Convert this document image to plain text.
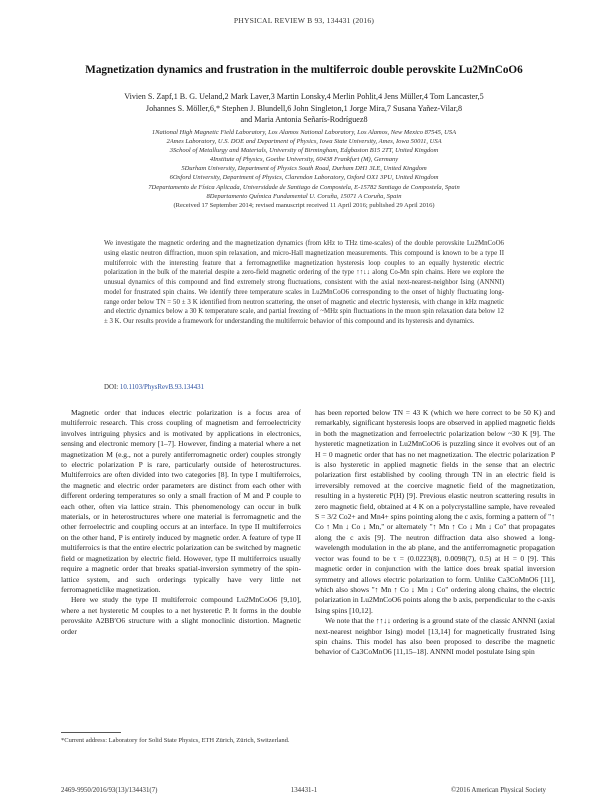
PHYSICAL REVIEW B 93, 134431 (2016)
Magnetization dynamics and frustration in the multiferroic double perovskite Lu2MnCoO6
Vivien S. Zapf,1 B. G. Ueland,2 Mark Laver,3 Martin Lonsky,4 Merlin Pohlit,4 Jens Müller,4 Tom Lancaster,5
Johannes S. Möller,6,* Stephen J. Blundell,6 John Singleton,1 Jorge Mira,7 Susana Yañez-Vilar,8
and Maria Antonia Señarís-Rodríguez8
1National High Magnetic Field Laboratory, Los Alamos National Laboratory, Los Alamos, New Mexico 87545, USA
2Ames Laboratory, U.S. DOE and Department of Physics, Iowa State University, Ames, Iowa 50011, USA
3School of Metallurgy and Materials, University of Birmingham, Edgbaston B15 2TT, United Kingdom
4Institute of Physics, Goethe University, 60438 Frankfurt (M), Germany
5Durham University, Department of Physics South Road, Durham DH1 3LE, United Kingdom
6Oxford University, Department of Physics, Clarendon Laboratory, Oxford OX1 3PU, United Kingdom
7Departamento de Física Aplicada, Universidade de Santiago de Compostela, E-15782 Santiago de Compostela, Spain
8Departamento Química Fundamental U. Coruña, 15071 A Coruña, Spain
(Received 17 September 2014; revised manuscript received 11 April 2016; published 29 April 2016)
We investigate the magnetic ordering and the magnetization dynamics (from kHz to THz time-scales) of the double perovskite Lu2MnCoO6 using elastic neutron diffraction, muon spin relaxation, and micro-Hall magnetization measurements. This compound is known to be a type II multiferroic with the interesting feature that a ferromagnetlike magnetization hysteresis loop couples to an equally hysteretic electric polarization in the bulk of the material despite a zero-field magnetic ordering of the type ↑↑↓↓ along Co-Mn spin chains. Here we explore the unusual dynamics of this compound and find extremely strong fluctuations, consistent with the axial next-nearest-neighbor Ising (ANNNI) model for frustrated spin chains. We identify three temperature scales in Lu2MnCoO6 corresponding to the onset of highly fluctuating long-range order below TN = 50 ± 3 K identified from neutron scattering, the onset of magnetic and electric hysteresis, with change in kHz magnetic and electric dynamics below a 30 K temperature scale, and partial freezing of ~MHz spin fluctuations in the muon spin relaxation data below 12 ± 3 K. Our results provide a framework for understanding the multiferroic behavior of this compound and its hysteresis and dynamics.
DOI: 10.1103/PhysRevB.93.134431

Magnetic order that induces electric polarization is a focus area of multiferroic research. This cross coupling of magnetism and ferroelectricity involves intriguing physics and is motivated by applications in electronics, sensing and electronic memory [1–7]. However, finding a material where a net magnetization M (e.g., not a purely antiferromagnetic order) couples strongly to electric polarization P is rare, particularly outside of heterostructures. Multiferroics are often divided into two categories [8]. In type I multiferroics, the magnetic and electric order parameters are distinct from each other with different ordering temperatures so only a small fraction of M and P couple to each other, often via lattice strain. This phenomenology can occur in bulk materials, or in heterostructures where one material is ferromagnetic and the other ferroelectric and coupling occurs at an interface. In type II multiferroics on the other hand, P is entirely induced by magnetic order. A feature of type II multiferroics is that the entire electric polarization can be switched by magnetic field or magnetization by electric field. However, type II multiferroics usually require a magnetic order that breaks spatial-inversion symmetry of the spin-lattice system, and such orderings typically have very little net ferromagneticlike magnetization.

Here we study the type II multiferroic compound Lu2MnCoO6 [9,10], where a net hysteretic M couples to a net hysteretic P. It forms in the double perovskite A2BB′O6 structure with a slight monoclinic distortion. Magnetic order

has been reported below TN = 43 K (which we here correct to be 50 K) and remarkably, significant hysteresis loops are observed in applied magnetic fields in both the magnetization and ferroelectric polarization below ~30 K [9]. The hysteretic magnetization in Lu2MnCoO6 is puzzling since it evolves out of an H = 0 magnetic order that has no net magnetization. The electric polarization P is also hysteretic in applied magnetic fields in the sense that an electric polarization first established by cooling through TN in an electric field is irreversibly removed at the coercive magnetic field of the magnetization, resulting in a hysteretic P(H) [9]. Previous elastic neutron scattering results in zero magnetic field, obtained at 4 K on a polycrystalline sample, have revealed S = 3/2 Co2+ and Mn4+ spins pointing along the c axis, forming a pattern of "↑ Co ↑ Mn ↓ Co ↓ Mn," or alternately "↑ Mn ↑ Co ↓ Mn ↓ Co" that propagates along the c axis [9]. The neutron diffraction data also showed a long-wavelength modulation in the ab plane, and the antiferromagnetic propagation vector was found to be τ = (0.0223(8), 0.0098(7), 0.5) at H = 0 [9]. This magnetic order in conjunction with the lattice does break spatial inversion symmetry and allows electric polarization to form. Unlike Ca3CoMnO6 [11], which also shows "↑ Mn ↑ Co ↓ Mn ↓ Co" ordering along chains, the electric polarization in Lu2MnCoO6 points along the b axis, perpendicular to the c-axis Ising spins [10,12].

We note that the ↑↑↓↓ ordering is a ground state of the classic ANNNI (axial next-nearest neighbor Ising) model [13,14] for magnetically frustrated Ising spin chains. This model has also been proposed to describe the magnetic behavior of Ca3CoMnO6 [11,15–18]. ANNNI model postulate Ising spin

*Current address: Laboratory for Solid State Physics, ETH Zürich, Zürich, Switzerland.
2469-9950/2016/93(13)/134431(7)	134431-1	©2016 American Physical Society
